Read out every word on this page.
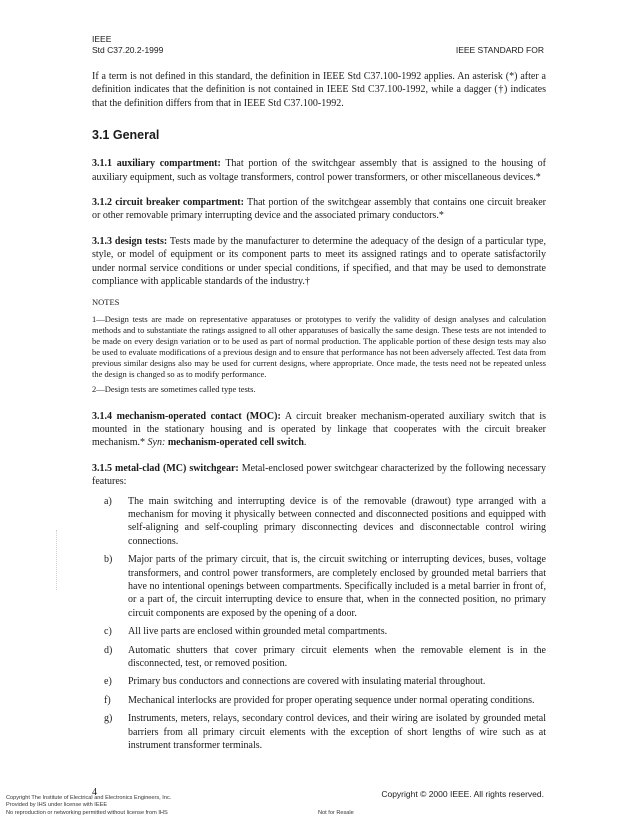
IEEE
Std C37.20.2-1999	IEEE STANDARD FOR

If a term is not defined in this standard, the definition in IEEE Std C37.100-1992 applies. An asterisk (*) after a definition indicates that the definition is not contained in IEEE Std C37.100-1992, while a dagger (†) indicates that the definition differs from that in IEEE Std C37.100-1992.

3.1 General

3.1.1 auxiliary compartment: That portion of the switchgear assembly that is assigned to the housing of auxiliary equipment, such as voltage transformers, control power transformers, or other miscellaneous devices.*

3.1.2 circuit breaker compartment: That portion of the switchgear assembly that contains one circuit breaker or other removable primary interrupting device and the associated primary conductors.*

3.1.3 design tests: Tests made by the manufacturer to determine the adequacy of the design of a particular type, style, or model of equipment or its component parts to meet its assigned ratings and to operate satisfactorily under normal service conditions or under special conditions, if specified, and that may be used to demonstrate compliance with applicable standards of the industry.†

NOTES

1—Design tests are made on representative apparatuses or prototypes to verify the validity of design analyses and calculation methods and to substantiate the ratings assigned to all other apparatuses of basically the same design. These tests are not intended to be made on every design variation or to be used as part of normal production. The applicable portion of these design tests may also be used to evaluate modifications of a previous design and to ensure that performance has not been adversely affected. Test data from previous similar designs also may be used for current designs, where appropriate. Once made, the tests need not be repeated unless the design is changed so as to modify performance.

2—Design tests are sometimes called type tests.

3.1.4 mechanism-operated contact (MOC): A circuit breaker mechanism-operated auxiliary switch that is mounted in the stationary housing and is operated by linkage that cooperates with the circuit breaker mechanism.* Syn: mechanism-operated cell switch.

3.1.5 metal-clad (MC) switchgear: Metal-enclosed power switchgear characterized by the following necessary features:

a)	The main switching and interrupting device is of the removable (drawout) type arranged with a mechanism for moving it physically between connected and disconnected positions and equipped with self-aligning and self-coupling primary disconnecting devices and disconnectable control wiring connections.
b)	Major parts of the primary circuit, that is, the circuit switching or interrupting devices, buses, voltage transformers, and control power transformers, are completely enclosed by grounded metal barriers that have no intentional openings between compartments. Specifically included is a metal barrier in front of, or a part of, the circuit interrupting device to ensure that, when in the connected position, no primary circuit components are exposed by the opening of a door.
c)	All live parts are enclosed within grounded metal compartments.
d)	Automatic shutters that cover primary circuit elements when the removable element is in the disconnected, test, or removed position.
e)	Primary bus conductors and connections are covered with insulating material throughout.
f)	Mechanical interlocks are provided for proper operating sequence under normal operating conditions.
g)	Instruments, meters, relays, secondary control devices, and their wiring are isolated by grounded metal barriers from all primary circuit elements with the exception of short lengths of wire such as at instrument transformer terminals.
4	Copyright © 2000 IEEE. All rights reserved.
Copyright The Institute of Electrical and Electronics Engineers, Inc.
Provided by IHS under license with IEEE
No reproduction or networking permitted without license from IHS	Not for Resale
